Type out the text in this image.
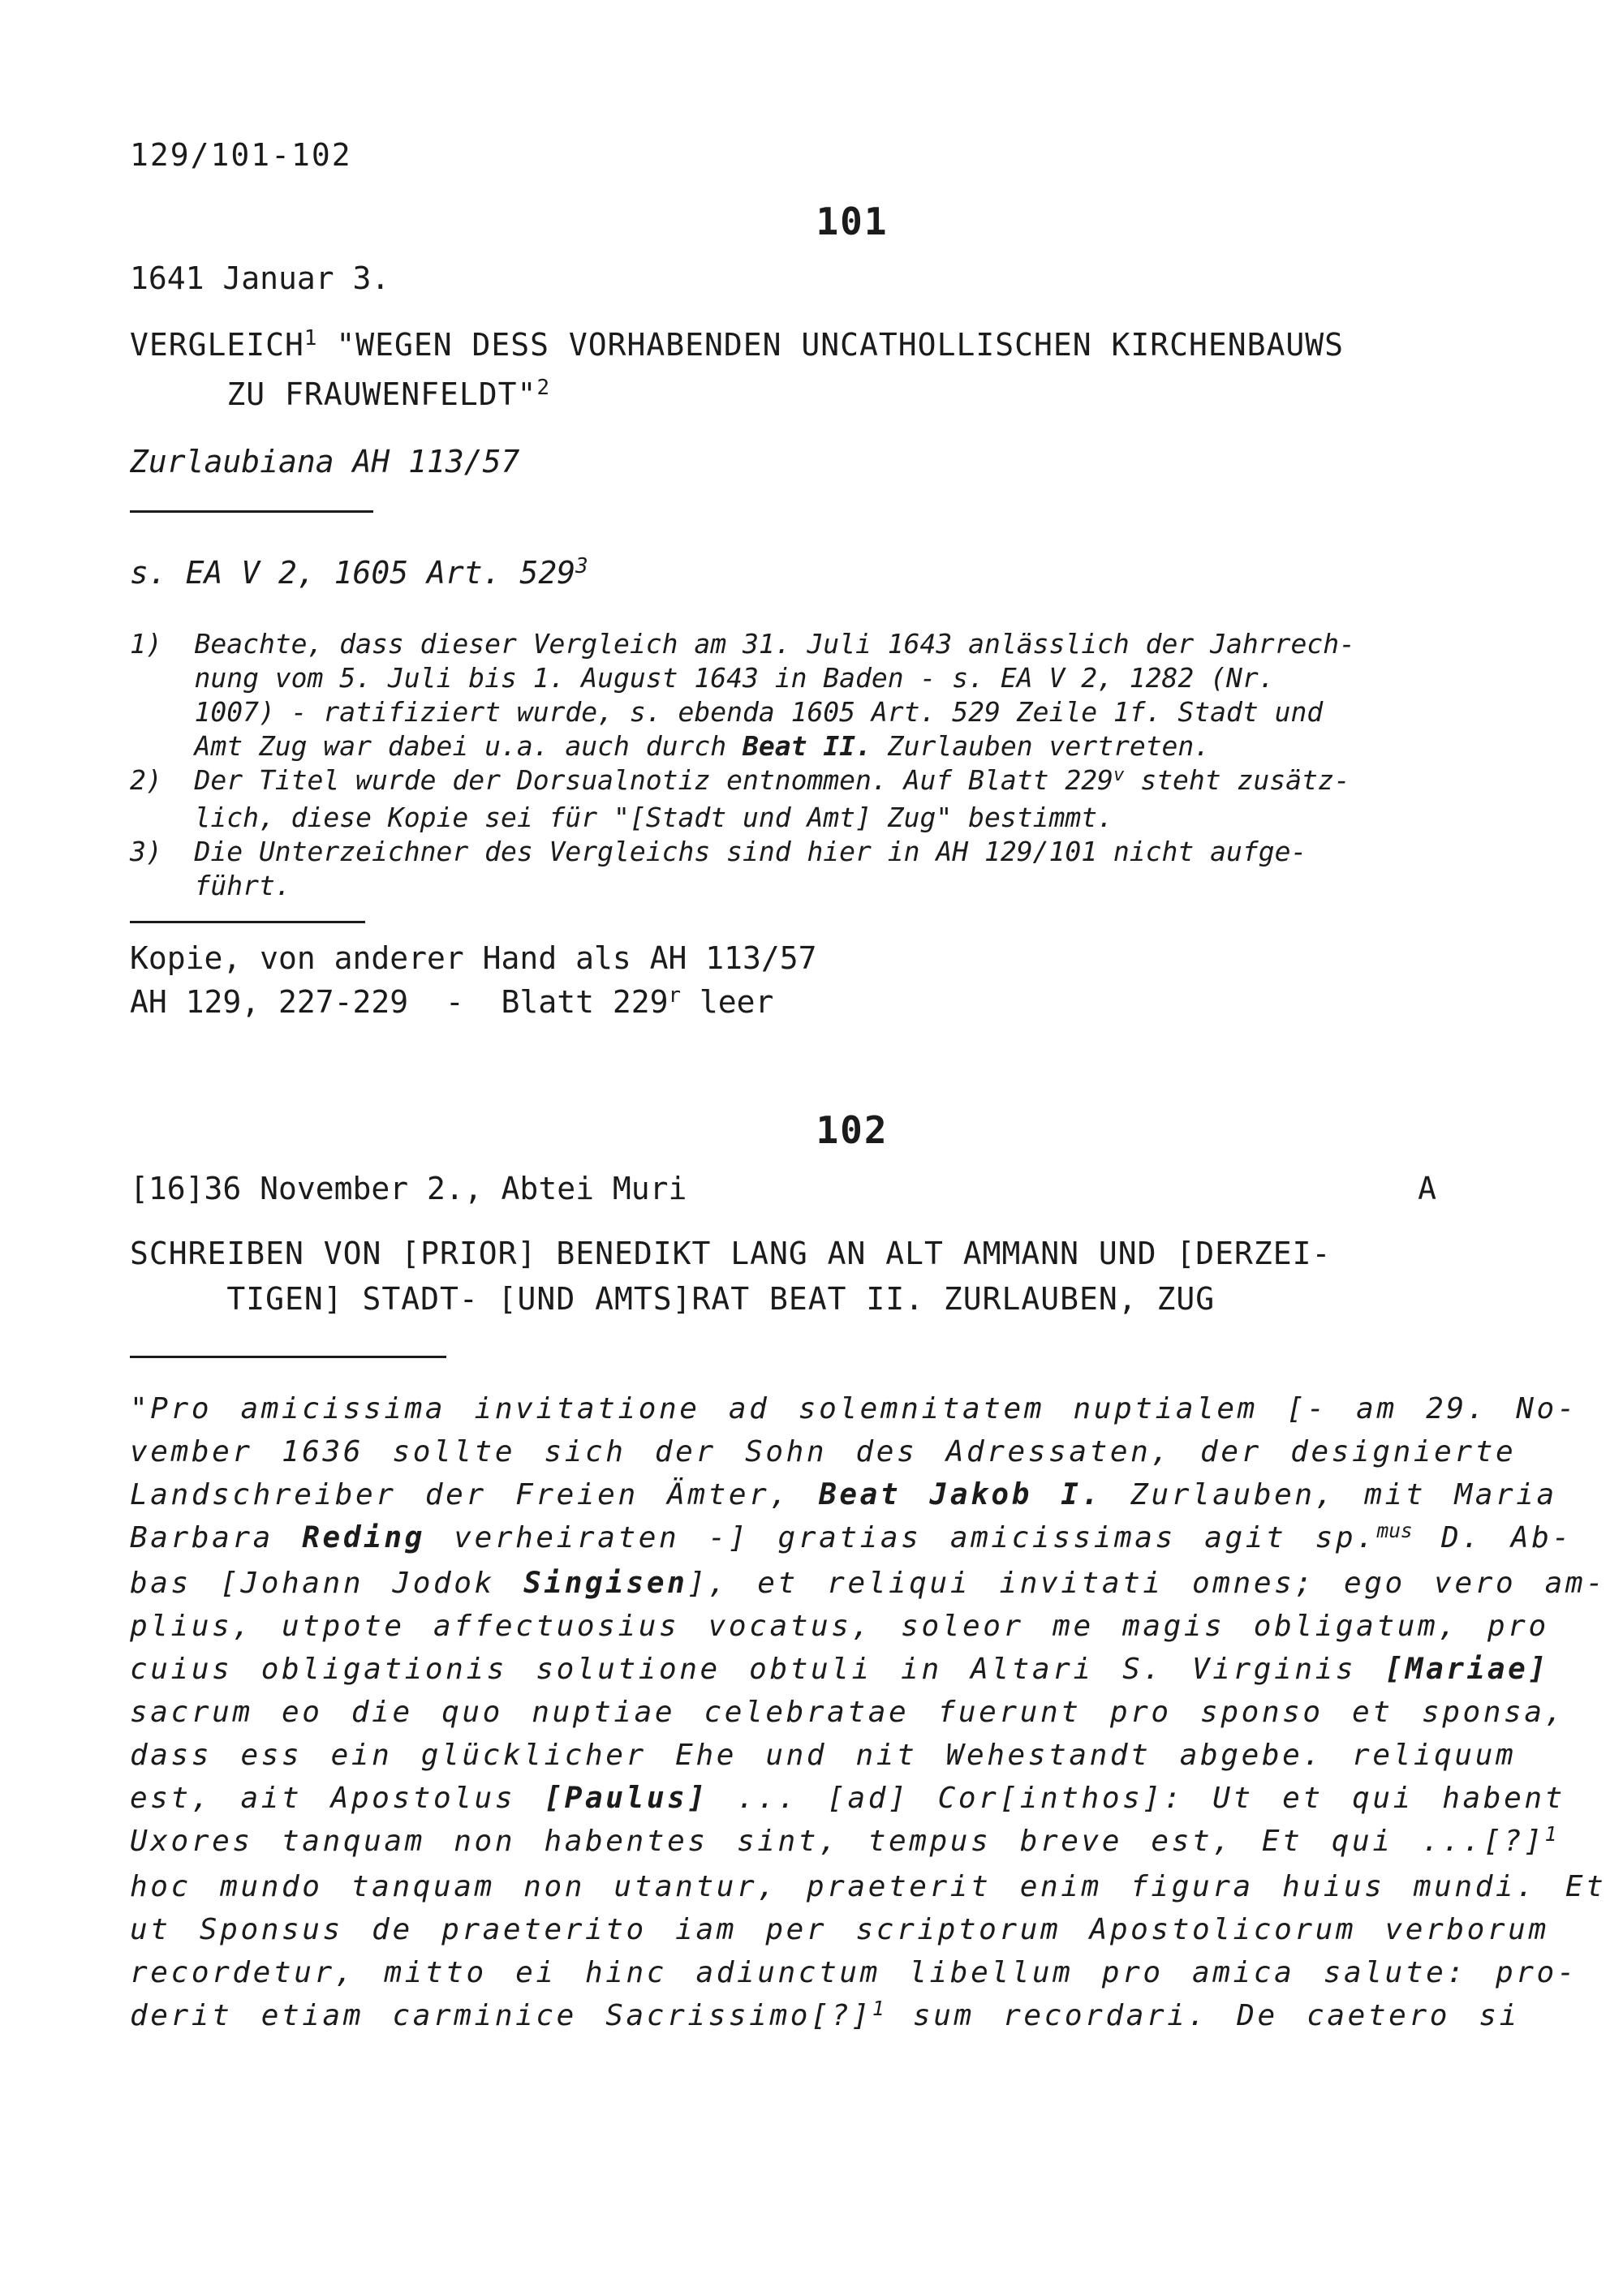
129/101-102
101
1641 Januar 3.
VERGLEICH$^1$ "WEGEN DESS VORHABENDEN UNCATHOLLISCHEN KIRCHENBAUWS
ZU FRAUWENFELDT"$^2$
Zurlaubiana AH 113/57
s. EA V 2, 1605 Art. $529^3$
1)  Beachte, dass dieser Vergleich am 31. Juli 1643 anlässlich der Jahrrech-
nung vom 5. Juli bis 1. August 1643 in Baden - s. EA V 2, 1282 (Nr.
1007) - ratifiziert wurde, s. ebenda 1605 Art. 529 Zeile 1f. Stadt und
Amt Zug war dabei u.a. auch durch Beat II. Zurlauben vertreten.
2)  Der Titel wurde der Dorsualnotiz entnommen. Auf Blatt 229$^v$ steht zusätz-
lich, diese Kopie sei für "[Stadt und Amt] Zug" bestimmt.
3)  Die Unterzeichner des Vergleichs sind hier in AH 129/101 nicht aufge-
führt.
Kopie, von anderer Hand als AH 113/57
AH 129, 227-229  -  Blatt 229$^r$ leer
102
[16]36 November 2., Abtei Muri	A
SCHREIBEN VON [PRIOR] BENEDIKT LANG AN ALT AMMANN UND [DERZEI-
TIGEN] STADT- [UND AMTS]RAT BEAT II. ZURLAUBEN, ZUG
"Pro amicissima invitatione ad solemnitatem nuptialem [- am 29. No-
vember 1636 sollte sich der Sohn des Adressaten, der designierte
Landschreiber der Freien Ämter, Beat Jakob I. Zurlauben, mit Maria
Barbara Reding verheiraten -] gratias amicissimas agit sp.$^{mus}$ D. Ab-
bas [Johann Jodok Singisen], et reliqui invitati omnes; ego vero am-
plius, utpote affectuosius vocatus, soleor me magis obligatum, pro
cuius obligationis solutione obtuli in Altari S. Virginis [Mariae]
sacrum eo die quo nuptiae celebratae fuerunt pro sponso et sponsa,
dass ess ein glücklicher Ehe und nit Wehestandt abgebe. reliquum
est, ait Apostolus [Paulus] ... [ad] Cor[inthos]: Ut et qui habent
Uxores tanquam non habentes sint, tempus breve est, Et qui ...[?]$^1$
hoc mundo tanquam non utantur, praeterit enim figura huius mundi. Et
ut Sponsus de praeterito iam per scriptorum Apostolicorum verborum
recordetur, mitto ei hinc adiunctum libellum pro amica salute: pro-
derit etiam carminice Sacrissimo[?]$^1$ sum recordari. De caetero si
